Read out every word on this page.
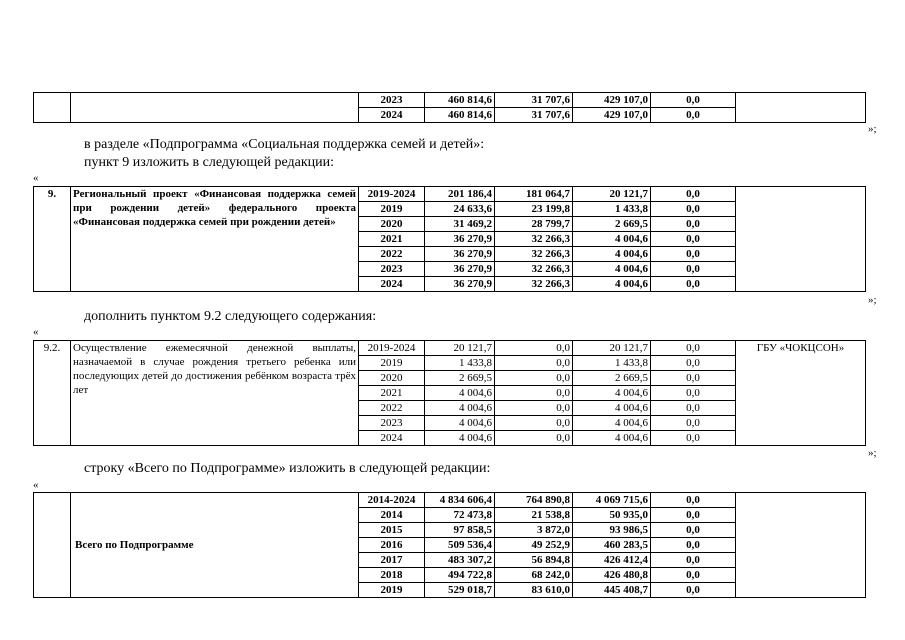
		2023	460 814,6	31 707,6	429 107,0	0,0	
		2024	460 814,6	31 707,6	429 107,0	0,0	
»;
в разделе «Подпрограмма «Социальная поддержка семей и детей»:
пункт 9 изложить в следующей редакции:
«
9.	Региональный проект «Финансовая поддержка семей при рождении детей» федерального проекта «Финансовая поддержка семей при рождении детей»	2019-2024	201 186,4	181 064,7	20 121,7	0,0	
		2019	24 633,6	23 199,8	1 433,8	0,0	
		2020	31 469,2	28 799,7	2 669,5	0,0	
		2021	36 270,9	32 266,3	4 004,6	0,0	
		2022	36 270,9	32 266,3	4 004,6	0,0	
		2023	36 270,9	32 266,3	4 004,6	0,0	
		2024	36 270,9	32 266,3	4 004,6	0,0	
»;
дополнить пунктом 9.2 следующего содержания:
«
9.2.	Осуществление ежемесячной денежной выплаты, назначаемой в случае рождения третьего ребенка или последующих детей до достижения ребёнком возраста трёх лет	2019-2024	20 121,7	0,0	20 121,7	0,0	ГБУ «ЧОКЦСОН»
		2019	1 433,8	0,0	1 433,8	0,0	
		2020	2 669,5	0,0	2 669,5	0,0	
		2021	4 004,6	0,0	4 004,6	0,0	
		2022	4 004,6	0,0	4 004,6	0,0	
		2023	4 004,6	0,0	4 004,6	0,0	
		2024	4 004,6	0,0	4 004,6	0,0	
»;
строку «Всего по Подпрограмме» изложить в следующей редакции:
«
	Всего по Подпрограмме	2014-2024	4 834 606,4	764 890,8	4 069 715,6	0,0	
		2014	72 473,8	21 538,8	50 935,0	0,0	
		2015	97 858,5	3 872,0	93 986,5	0,0	
		2016	509 536,4	49 252,9	460 283,5	0,0	
		2017	483 307,2	56 894,8	426 412,4	0,0	
		2018	494 722,8	68 242,0	426 480,8	0,0	
		2019	529 018,7	83 610,0	445 408,7	0,0	
